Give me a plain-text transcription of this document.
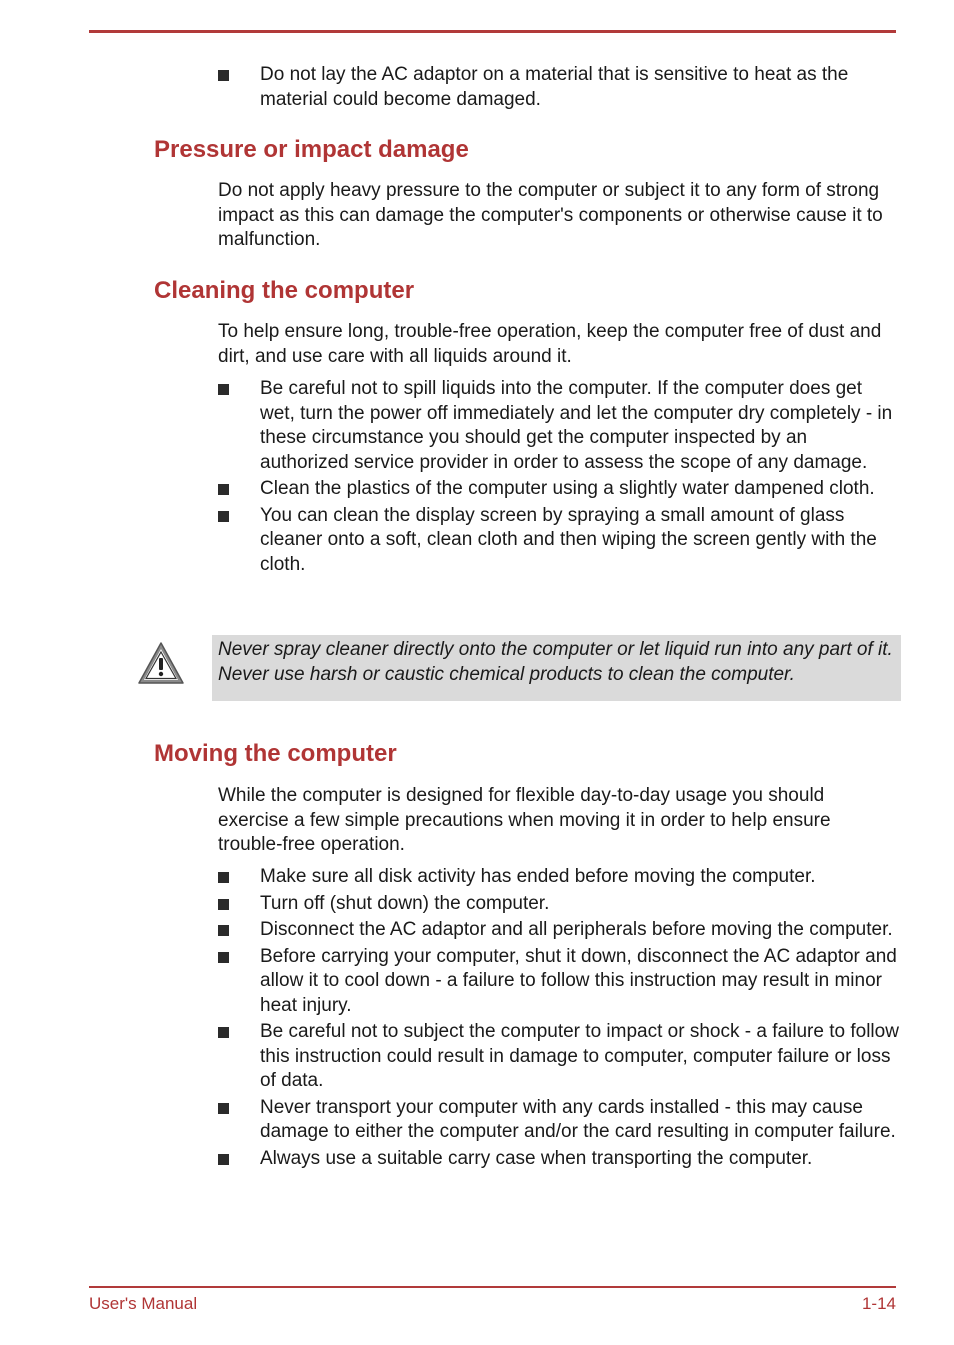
Do not lay the AC adaptor on a material that is sensitive to heat as the material could become damaged.
Pressure or impact damage

Do not apply heavy pressure to the computer or subject it to any form of strong impact as this can damage the computer's components or otherwise cause it to malfunction.

Cleaning the computer

To help ensure long, trouble-free operation, keep the computer free of dust and dirt, and use care with all liquids around it.

Be careful not to spill liquids into the computer. If the computer does get wet, turn the power off immediately and let the computer dry completely - in these circumstance you should get the computer inspected by an authorized service provider in order to assess the scope of any damage.
Clean the plastics of the computer using a slightly water dampened cloth.
You can clean the display screen by spraying a small amount of glass cleaner onto a soft, clean cloth and then wiping the screen gently with the cloth.

Never spray cleaner directly onto the computer or let liquid run into any part of it. Never use harsh or caustic chemical products to clean the computer.

Moving the computer

While the computer is designed for flexible day-to-day usage you should exercise a few simple precautions when moving it in order to help ensure trouble-free operation.

Make sure all disk activity has ended before moving the computer.
Turn off (shut down) the computer.
Disconnect the AC adaptor and all peripherals before moving the computer.
Before carrying your computer, shut it down, disconnect the AC adaptor and allow it to cool down - a failure to follow this instruction may result in minor heat injury.
Be careful not to subject the computer to impact or shock - a failure to follow this instruction could result in damage to computer, computer failure or loss of data.
Never transport your computer with any cards installed - this may cause damage to either the computer and/or the card resulting in computer failure.
Always use a suitable carry case when transporting the computer.
User's Manual	1-14
